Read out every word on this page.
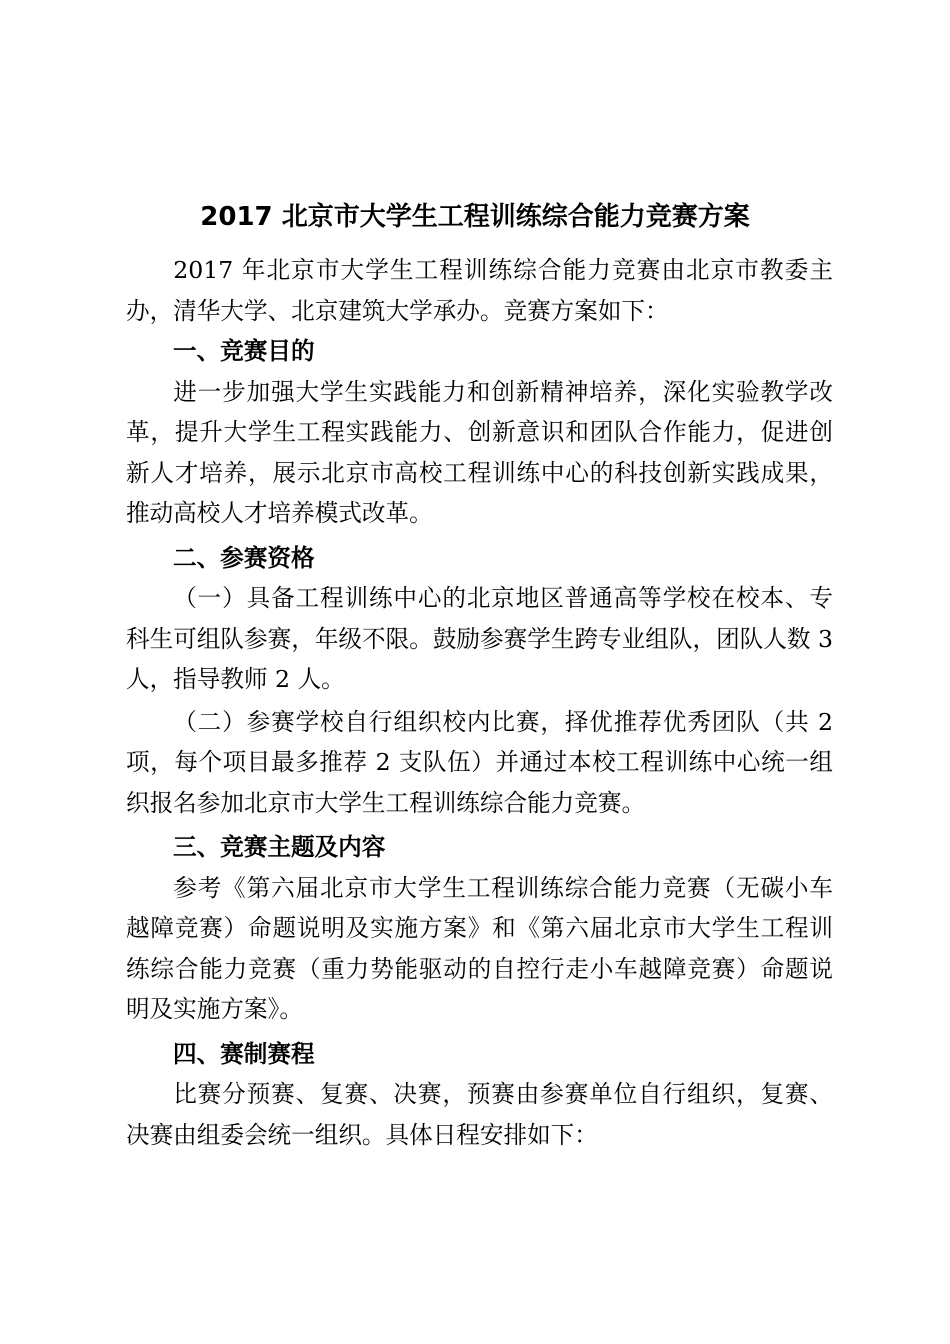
2017 北京市大学生工程训练综合能力竞赛方案

2017 年北京市大学生工程训练综合能力竞赛由北京市教委主办，清华大学、北京建筑大学承办。竞赛方案如下：

一、竞赛目的

进一步加强大学生实践能力和创新精神培养，深化实验教学改革，提升大学生工程实践能力、创新意识和团队合作能力，促进创新人才培养，展示北京市高校工程训练中心的科技创新实践成果，推动高校人才培养模式改革。

二、参赛资格

（一）具备工程训练中心的北京地区普通高等学校在校本、专科生可组队参赛，年级不限。鼓励参赛学生跨专业组队，团队人数 3 人，指导教师 2 人。

（二）参赛学校自行组织校内比赛，择优推荐优秀团队（共 2 项，每个项目最多推荐 2 支队伍）并通过本校工程训练中心统一组织报名参加北京市大学生工程训练综合能力竞赛。

三、竞赛主题及内容

参考《第六届北京市大学生工程训练综合能力竞赛（无碳小车越障竞赛）命题说明及实施方案》和《第六届北京市大学生工程训练综合能力竞赛（重力势能驱动的自控行走小车越障竞赛）命题说明及实施方案》。

四、赛制赛程

比赛分预赛、复赛、决赛，预赛由参赛单位自行组织，复赛、决赛由组委会统一组织。具体日程安排如下：
